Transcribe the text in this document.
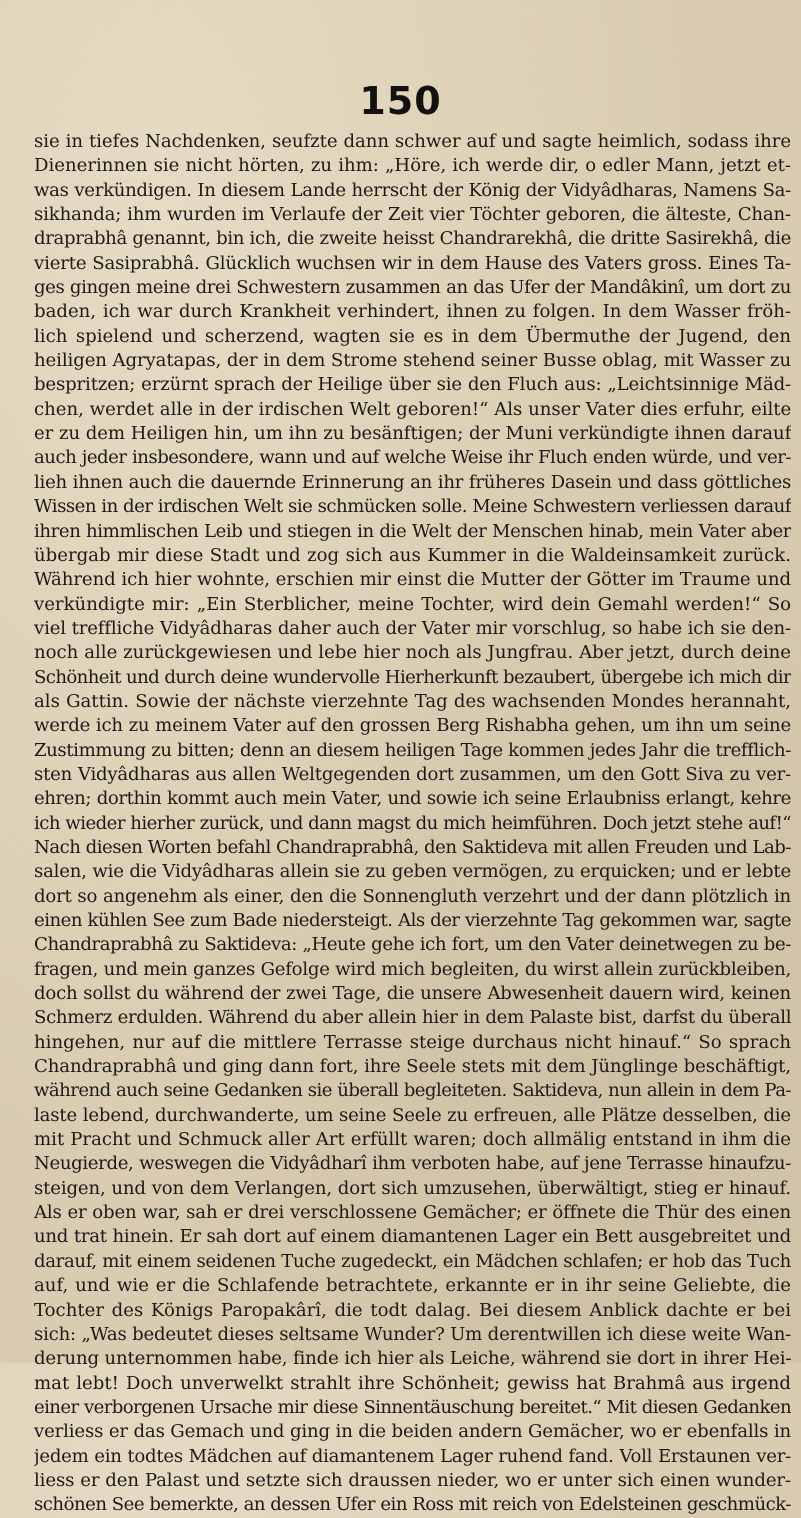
150
sie in tiefes Nachdenken, seufzte dann schwer auf und sagte heimlich, sodass ihre
Dienerinnen sie nicht hörten, zu ihm: „Höre, ich werde dir, o edler Mann, jetzt et-
was verkündigen. In diesem Lande herrscht der König der Vidyâdharas, Namens Sa-
sikhanda; ihm wurden im Verlaufe der Zeit vier Töchter geboren, die älteste, Chan-
draprabhâ genannt, bin ich, die zweite heisst Chandrarekhâ, die dritte Sasirekhâ, die
vierte Sasiprabhâ. Glücklich wuchsen wir in dem Hause des Vaters gross. Eines Ta-
ges gingen meine drei Schwestern zusammen an das Ufer der Mandâkinî, um dort zu
baden, ich war durch Krankheit verhindert, ihnen zu folgen. In dem Wasser fröh-
lich spielend und scherzend, wagten sie es in dem Übermuthe der Jugend, den
heiligen Agryatapas, der in dem Strome stehend seiner Busse oblag, mit Wasser zu
bespritzen; erzürnt sprach der Heilige über sie den Fluch aus: „Leichtsinnige Mäd-
chen, werdet alle in der irdischen Welt geboren!“ Als unser Vater dies erfuhr, eilte
er zu dem Heiligen hin, um ihn zu besänftigen; der Muni verkündigte ihnen darauf
auch jeder insbesondere, wann und auf welche Weise ihr Fluch enden würde, und ver-
lieh ihnen auch die dauernde Erinnerung an ihr früheres Dasein und dass göttliches
Wissen in der irdischen Welt sie schmücken solle. Meine Schwestern verliessen darauf
ihren himmlischen Leib und stiegen in die Welt der Menschen hinab, mein Vater aber
übergab mir diese Stadt und zog sich aus Kummer in die Waldeinsamkeit zurück.
Während ich hier wohnte, erschien mir einst die Mutter der Götter im Traume und
verkündigte mir: „Ein Sterblicher, meine Tochter, wird dein Gemahl werden!“ So
viel treffliche Vidyâdharas daher auch der Vater mir vorschlug, so habe ich sie den-
noch alle zurückgewiesen und lebe hier noch als Jungfrau. Aber jetzt, durch deine
Schönheit und durch deine wundervolle Hierherkunft bezaubert, übergebe ich mich dir
als Gattin. Sowie der nächste vierzehnte Tag des wachsenden Mondes herannaht,
werde ich zu meinem Vater auf den grossen Berg Rishabha gehen, um ihn um seine
Zustimmung zu bitten; denn an diesem heiligen Tage kommen jedes Jahr die trefflich-
sten Vidyâdharas aus allen Weltgegenden dort zusammen, um den Gott Siva zu ver-
ehren; dorthin kommt auch mein Vater, und sowie ich seine Erlaubniss erlangt, kehre
ich wieder hierher zurück, und dann magst du mich heimführen. Doch jetzt stehe auf!“
Nach diesen Worten befahl Chandraprabhâ, den Saktideva mit allen Freuden und Lab-
salen, wie die Vidyâdharas allein sie zu geben vermögen, zu erquicken; und er lebte
dort so angenehm als einer, den die Sonnengluth verzehrt und der dann plötzlich in
einen kühlen See zum Bade niedersteigt. Als der vierzehnte Tag gekommen war, sagte
Chandraprabhâ zu Saktideva: „Heute gehe ich fort, um den Vater deinetwegen zu be-
fragen, und mein ganzes Gefolge wird mich begleiten, du wirst allein zurückbleiben,
doch sollst du während der zwei Tage, die unsere Abwesenheit dauern wird, keinen
Schmerz erdulden. Während du aber allein hier in dem Palaste bist, darfst du überall
hingehen, nur auf die mittlere Terrasse steige durchaus nicht hinauf.“ So sprach
Chandraprabhâ und ging dann fort, ihre Seele stets mit dem Jünglinge beschäftigt,
während auch seine Gedanken sie überall begleiteten. Saktideva, nun allein in dem Pa-
laste lebend, durchwanderte, um seine Seele zu erfreuen, alle Plätze desselben, die
mit Pracht und Schmuck aller Art erfüllt waren; doch allmälig entstand in ihm die
Neugierde, weswegen die Vidyâdharî ihm verboten habe, auf jene Terrasse hinaufzu-
steigen, und von dem Verlangen, dort sich umzusehen, überwältigt, stieg er hinauf.
Als er oben war, sah er drei verschlossene Gemächer; er öffnete die Thür des einen
und trat hinein. Er sah dort auf einem diamantenen Lager ein Bett ausgebreitet und
darauf, mit einem seidenen Tuche zugedeckt, ein Mädchen schlafen; er hob das Tuch
auf, und wie er die Schlafende betrachtete, erkannte er in ihr seine Geliebte, die
Tochter des Königs Paropakârî, die todt dalag. Bei diesem Anblick dachte er bei
sich: „Was bedeutet dieses seltsame Wunder? Um derentwillen ich diese weite Wan-
derung unternommen habe, finde ich hier als Leiche, während sie dort in ihrer Hei-
mat lebt! Doch unverwelkt strahlt ihre Schönheit; gewiss hat Brahmâ aus irgend
einer verborgenen Ursache mir diese Sinnentäuschung bereitet.“ Mit diesen Gedanken
verliess er das Gemach und ging in die beiden andern Gemächer, wo er ebenfalls in
jedem ein todtes Mädchen auf diamantenem Lager ruhend fand. Voll Erstaunen ver-
liess er den Palast und setzte sich draussen nieder, wo er unter sich einen wunder-
schönen See bemerkte, an dessen Ufer ein Ross mit reich von Edelsteinen geschmück-
